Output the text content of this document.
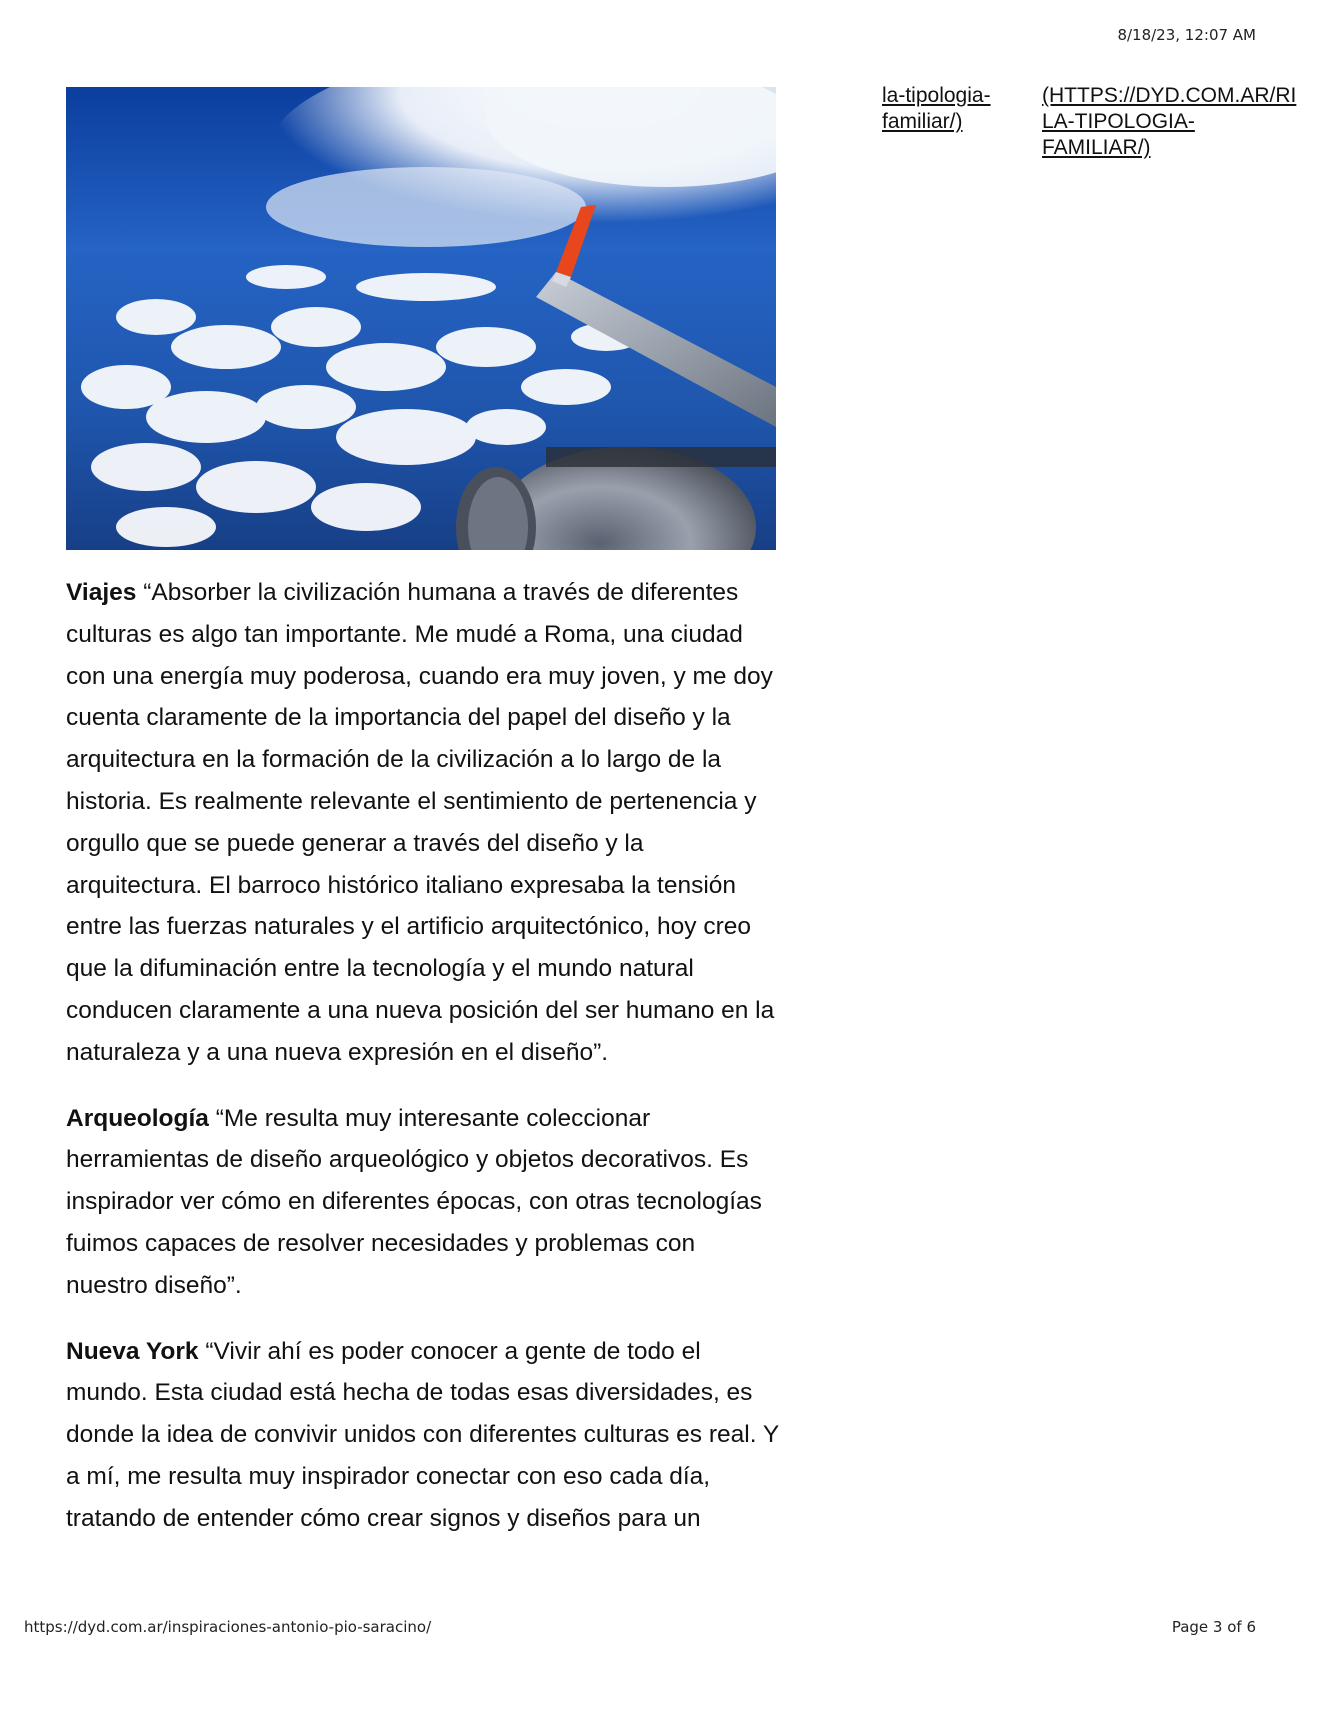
8/18/23, 12:07 AM
la-tipologia-
familiar/)
(HTTPS://DYD.COM.AR/RI
LA-TIPOLOGIA-
FAMILIAR/)

Viajes “Absorber la civilización humana a través de diferentes culturas es algo tan importante. Me mudé a Roma, una ciudad con una energía muy poderosa, cuando era muy joven, y me doy cuenta claramente de la importancia del papel del diseño y la arquitectura en la formación de la civilización a lo largo de la historia. Es realmente relevante el sentimiento de pertenencia y orgullo que se puede generar a través del diseño y la arquitectura. El barroco histórico italiano expresaba la tensión entre las fuerzas naturales y el artificio arquitectónico, hoy creo que la difuminación entre la tecnología y el mundo natural conducen claramente a una nueva posición del ser humano en la naturaleza y a una nueva expresión en el diseño”.

Arqueología “Me resulta muy interesante coleccionar herramientas de diseño arqueológico y objetos decorativos. Es inspirador ver cómo en diferentes épocas, con otras tecnologías fuimos capaces de resolver necesidades y problemas con nuestro diseño”.

Nueva York “Vivir ahí es poder conocer a gente de todo el mundo. Esta ciudad está hecha de todas esas diversidades, es donde la idea de convivir unidos con diferentes culturas es real. Y a mí, me resulta muy inspirador conectar con eso cada día, tratando de entender cómo crear signos y diseños para un

https://dyd.com.ar/inspiraciones-antonio-pio-saracino/	Page 3 of 6
